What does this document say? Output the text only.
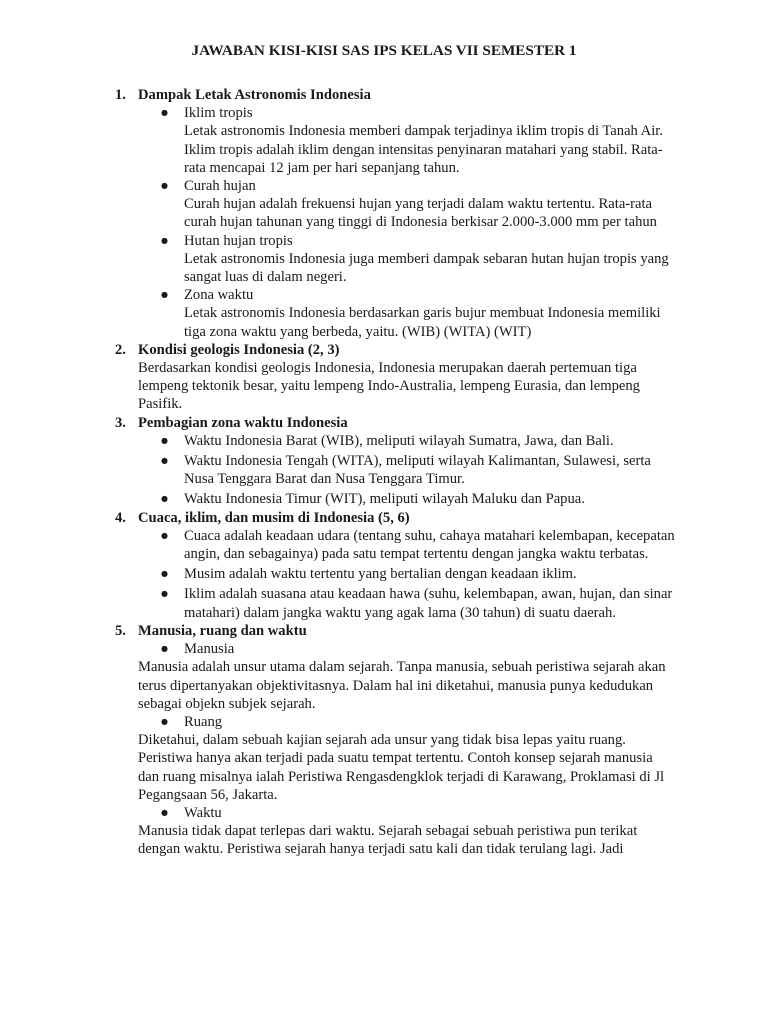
JAWABAN KISI-KISI SAS IPS KELAS VII SEMESTER 1
1. Dampak Letak Astronomis Indonesia
● Iklim tropis
Letak astronomis Indonesia memberi dampak terjadinya iklim tropis di Tanah Air. Iklim tropis adalah iklim dengan intensitas penyinaran matahari yang stabil. Rata-rata mencapai 12 jam per hari sepanjang tahun.
● Curah hujan
Curah hujan adalah frekuensi hujan yang terjadi dalam waktu tertentu. Rata-rata curah hujan tahunan yang tinggi di Indonesia berkisar 2.000-3.000 mm per tahun
● Hutan hujan tropis
Letak astronomis Indonesia juga memberi dampak sebaran hutan hujan tropis yang sangat luas di dalam negeri.
● Zona waktu
Letak astronomis Indonesia berdasarkan garis bujur membuat Indonesia memiliki tiga zona waktu yang berbeda, yaitu. (WIB) (WITA) (WIT)
2. Kondisi geologis Indonesia (2, 3)
Berdasarkan kondisi geologis Indonesia, Indonesia merupakan daerah pertemuan tiga lempeng tektonik besar, yaitu lempeng Indo-Australia, lempeng Eurasia, dan lempeng Pasifik.
3. Pembagian zona waktu Indonesia
● Waktu Indonesia Barat (WIB), meliputi wilayah Sumatra, Jawa, dan Bali.
● Waktu Indonesia Tengah (WITA), meliputi wilayah Kalimantan, Sulawesi, serta Nusa Tenggara Barat dan Nusa Tenggara Timur.
● Waktu Indonesia Timur (WIT), meliputi wilayah Maluku dan Papua.
4. Cuaca, iklim, dan musim di Indonesia (5, 6)
● Cuaca adalah keadaan udara (tentang suhu, cahaya matahari kelembapan, kecepatan angin, dan sebagainya) pada satu tempat tertentu dengan jangka waktu terbatas.
● Musim adalah waktu tertentu yang bertalian dengan keadaan iklim.
● Iklim adalah suasana atau keadaan hawa (suhu, kelembapan, awan, hujan, dan sinar matahari) dalam jangka waktu yang agak lama (30 tahun) di suatu daerah.
5. Manusia, ruang dan waktu
● Manusia
Manusia adalah unsur utama dalam sejarah. Tanpa manusia, sebuah peristiwa sejarah akan terus dipertanyakan objektivitasnya. Dalam hal ini diketahui, manusia punya kedudukan sebagai objekn subjek sejarah.
● Ruang
Diketahui, dalam sebuah kajian sejarah ada unsur yang tidak bisa lepas yaitu ruang. Peristiwa hanya akan terjadi pada suatu tempat tertentu. Contoh konsep sejarah manusia dan ruang misalnya ialah Peristiwa Rengasdengklok terjadi di Karawang, Proklamasi di Jl Pegangsaan 56, Jakarta.
● Waktu
Manusia tidak dapat terlepas dari waktu. Sejarah sebagai sebuah peristiwa pun terikat dengan waktu. Peristiwa sejarah hanya terjadi satu kali dan tidak terulang lagi. Jadi
